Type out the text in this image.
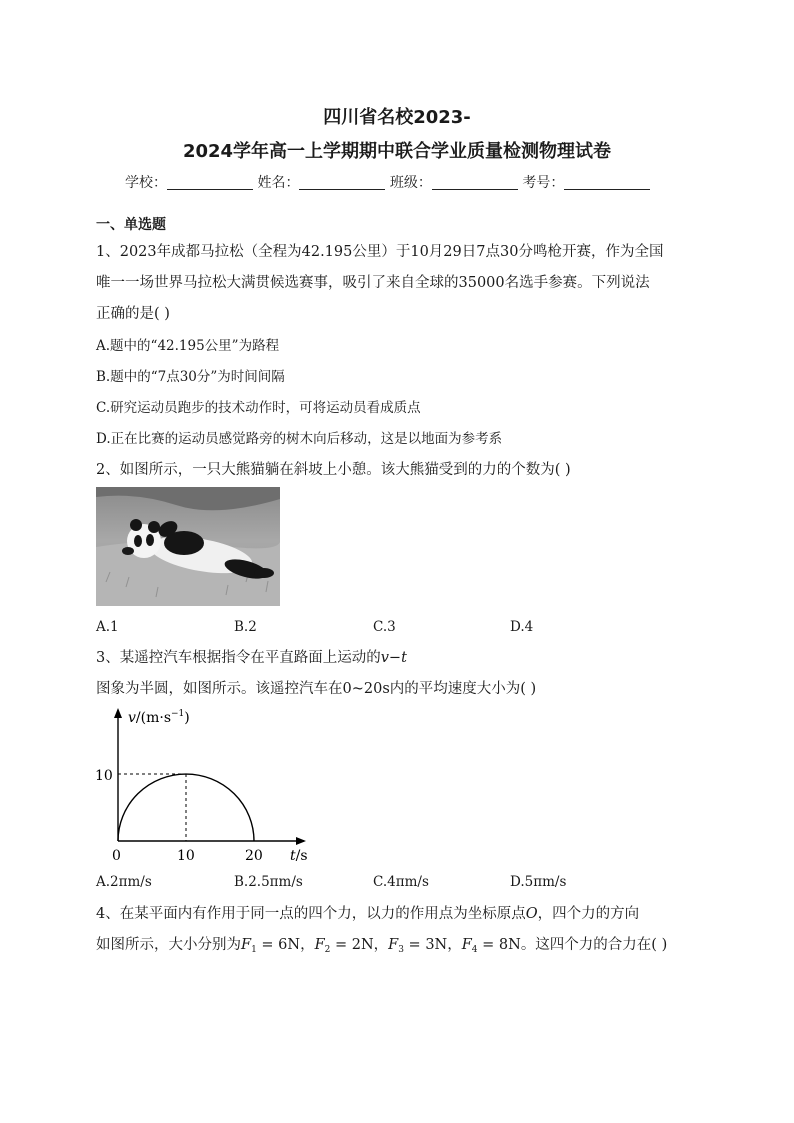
四川省名校2023-
2024学年高一上学期期中联合学业质量检测物理试卷
学校：	姓名：	班级：	考号：
一、单选题
1、2023年成都马拉松（全程为42.195公里）于10月29日7点30分鸣枪开赛，作为全国
唯一一场世界马拉松大满贯候选赛事，吸引了来自全球的35000名选手参赛。下列说法
正确的是( )
A.题中的“42.195公里”为路程
B.题中的“7点30分”为时间间隔
C.研究运动员跑步的技术动作时，可将运动员看成质点
D.正在比赛的运动员感觉路旁的树木向后移动，这是以地面为参考系
2、如图所示，一只大熊猫躺在斜坡上小憩。该大熊猫受到的力的个数为( )
A.1	B.2	C.3	D.4
3、某遥控汽车根据指令在平直路面上运动的v−t
图象为半圆，如图所示。该遥控汽车在0~20s内的平均速度大小为( )
$v/(m\cdot s^{-1})$
10
0	10	20 t/s
A.2πm/s	B.2.5πm/s	C.4πm/s	D.5πm/s
4、在某平面内有作用于同一点的四个力，以力的作用点为坐标原点O，四个力的方向
如图所示，大小分别为$F_1 = 6N$，$F_2 = 2N$，$F_3 = 3N$，$F_4 = 8N$。这四个力的合力在( )
